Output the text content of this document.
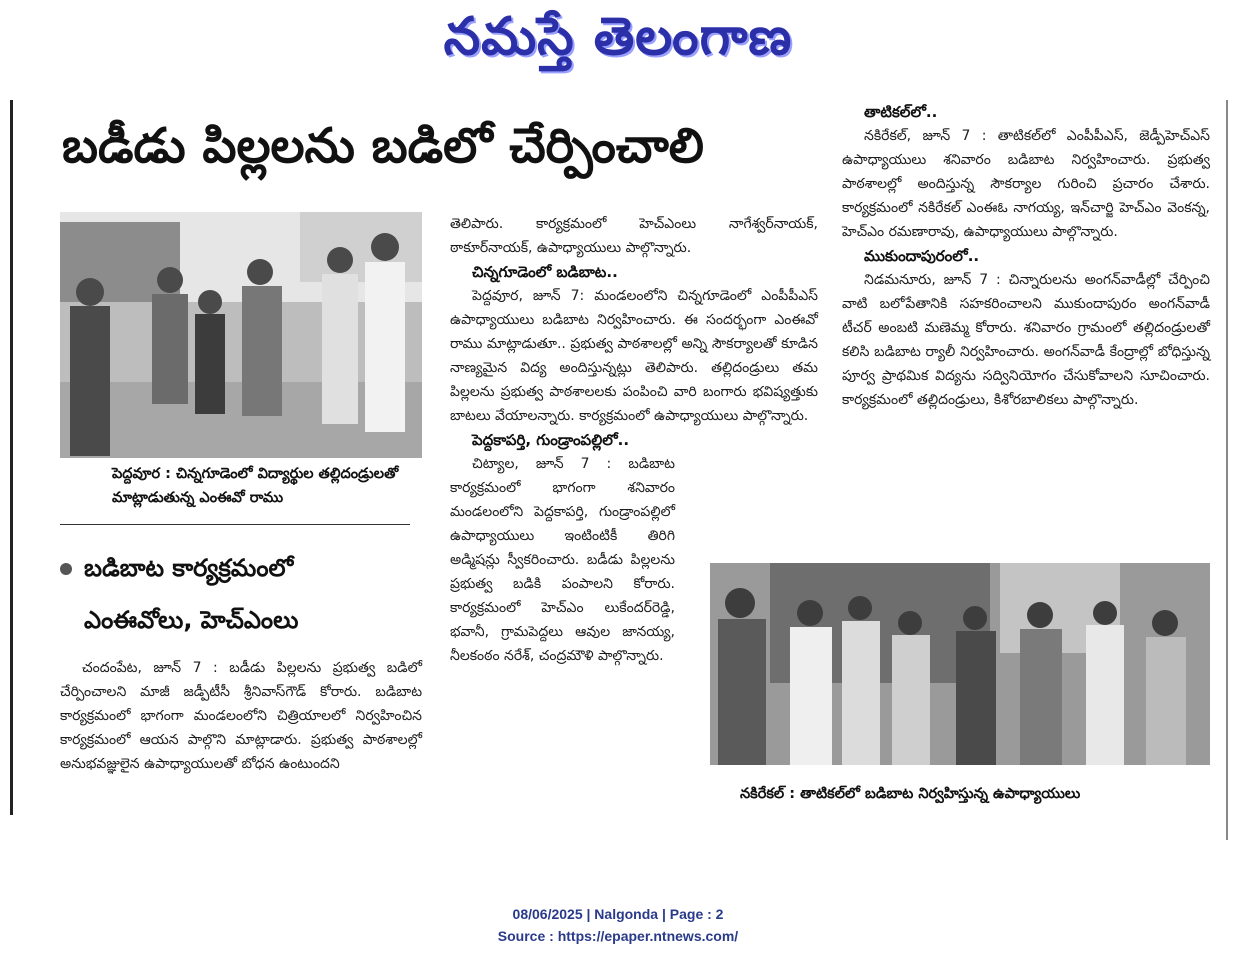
నమస్తే తెలంగాణ
బడీడు పిల్లలను బడిలో చేర్పించాలి
పెద్దవూర : చిన్నగూడెంలో విద్యార్థుల తల్లిదండ్రులతో మాట్లాడుతున్న ఎంఈవో రాము
బడిబాట కార్యక్రమంలో
ఎంఈవోలు, హెచ్‌ఎంలు

చందంపేట, జూన్ 7 : బడీడు పిల్లలను ప్రభుత్వ బడిలో చేర్పించాలని మాజీ జడ్పీటీసీ శ్రీనివాస్‌గౌడ్ కోరారు. బడిబాట కార్యక్రమంలో భాగంగా మండలంలోని చిత్రియాలలో నిర్వహించిన కార్యక్రమంలో ఆయన పాల్గొని మాట్లాడారు. ప్రభుత్వ పాఠశాలల్లో అనుభవజ్ఞులైన ఉపాధ్యాయులతో బోధన ఉంటుందని

తెలిపారు. కార్యక్రమంలో హెచ్‌ఎంలు నాగేశ్వర్‌నాయక్, ఠాకూర్‌నాయక్, ఉపాధ్యాయులు పాల్గొన్నారు.

చిన్నగూడెంలో బడిబాట..

పెద్దవూర, జూన్ 7: మండలంలోని చిన్నగూడెంలో ఎంపీపీఎస్ ఉపాధ్యాయులు బడిబాట నిర్వహించారు. ఈ సందర్భంగా ఎంఈవో రాము మాట్లాడుతూ.. ప్రభుత్వ పాఠశాలల్లో అన్ని సౌకర్యాలతో కూడిన నాణ్యమైన విద్య అందిస్తున్నట్లు తెలిపారు. తల్లిదండ్రులు తమ పిల్లలను ప్రభుత్వ పాఠశాలలకు పంపించి వారి బంగారు భవిష్యత్తుకు బాటలు వేయాలన్నారు. కార్యక్రమంలో ఉపాధ్యాయులు పాల్గొన్నారు.

పెద్దకాపర్తి, గుండ్రాంపల్లిలో..

చిట్యాల, జూన్ 7 : బడిబాట కార్యక్రమంలో భాగంగా శనివారం మండలంలోని పెద్దకాపర్తి, గుండ్రాంపల్లిలో ఉపాధ్యాయులు ఇంటింటికీ తిరిగి అడ్మిషన్లు స్వీకరించారు. బడీడు పిల్లలను ప్రభుత్వ బడికి పంపాలని కోరారు. కార్యక్రమంలో హెచ్‌ఎం లుకేందర్‌రెడ్డి, భవానీ, గ్రామపెద్దలు ఆవుల జానయ్య, నీలకంఠం నరేశ్, చంద్రమౌళి పాల్గొన్నారు.

తాటికల్‌లో..

నకిరేకల్, జూన్ 7 : తాటికల్‌లో ఎంపీపీఎస్, జెడ్పీహెచ్‌ఎస్ ఉపాధ్యాయులు శనివారం బడిబాట నిర్వహించారు. ప్రభుత్వ పాఠశాలల్లో అందిస్తున్న సౌకర్యాల గురించి ప్రచారం చేశారు. కార్యక్రమంలో నకిరేకల్ ఎంఈఓ నాగయ్య, ఇన్‌చార్జి హెచ్‌ఎం వెంకన్న, హెచ్‌ఎం రమణారావు, ఉపాధ్యాయులు పాల్గొన్నారు.

ముకుందాపురంలో..

నిడమనూరు, జూన్ 7 : చిన్నారులను అంగన్‌వాడీల్లో చేర్పించి వాటి బలోపేతానికి సహకరించాలని ముకుందాపురం అంగన్‌వాడీ టీచర్ అంబటి మణెమ్మ కోరారు. శనివారం గ్రామంలో తల్లిదండ్రులతో కలిసి బడిబాట ర్యాలీ నిర్వహించారు. అంగన్‌వాడీ కేంద్రాల్లో బోధిస్తున్న పూర్వ ప్రాథమిక విద్యను సద్వినియోగం చేసుకోవాలని సూచించారు. కార్యక్రమంలో తల్లిదండ్రులు, కిశోరబాలికలు పాల్గొన్నారు.

నకిరేకల్ : తాటికల్‌లో బడిబాట నిర్వహిస్తున్న ఉపాధ్యాయులు
08/06/2025 | Nalgonda | Page : 2
Source : https://epaper.ntnews.com/
